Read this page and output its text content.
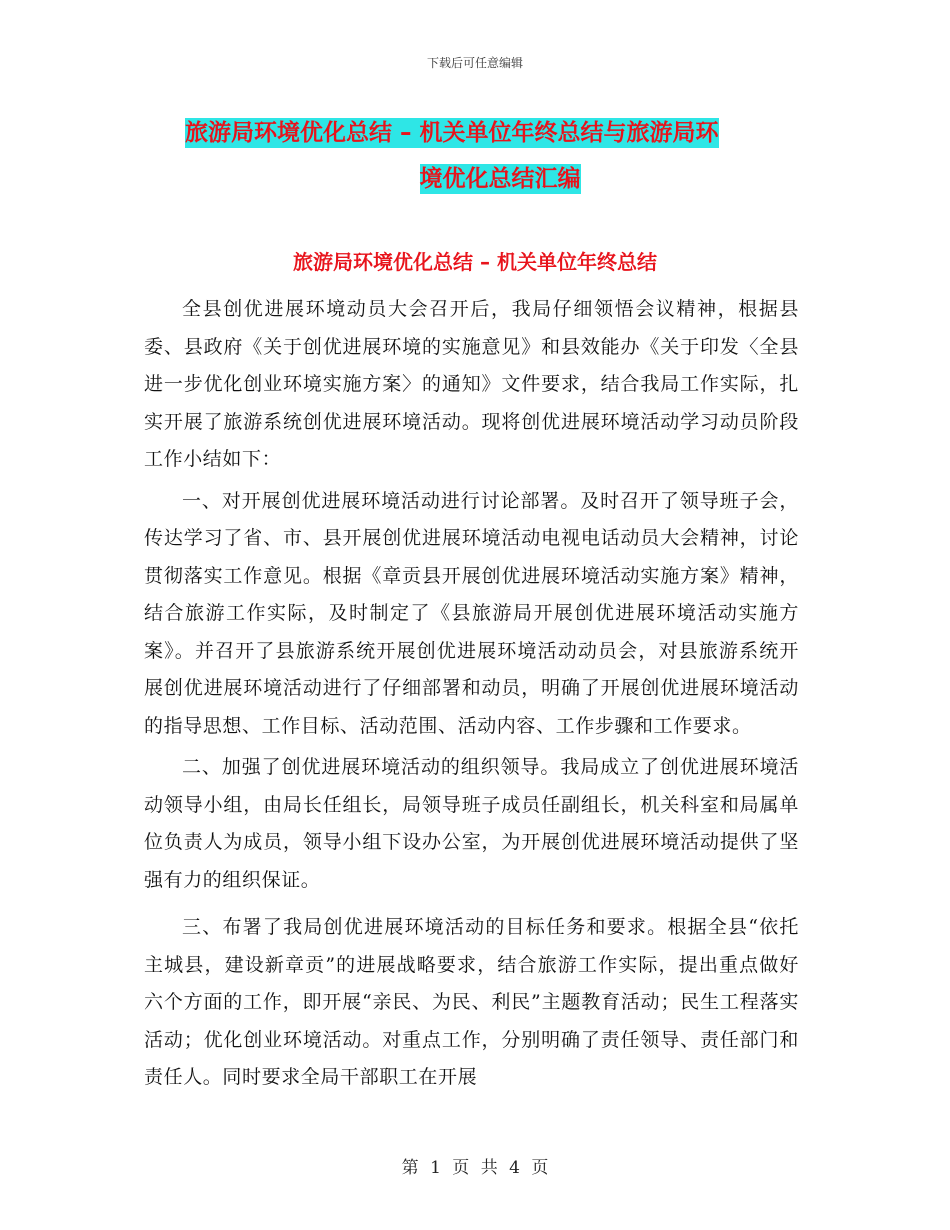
下载后可任意编辑
旅游局环境优化总结 – 机关单位年终总结与旅游局环
境优化总结汇编
旅游局环境优化总结 – 机关单位年终总结

全县创优进展环境动员大会召开后，我局仔细领悟会议精神，根据县委、县政府《关于创优进展环境的实施意见》和县效能办《关于印发〈全县进一步优化创业环境实施方案〉的通知》文件要求，结合我局工作实际，扎实开展了旅游系统创优进展环境活动。现将创优进展环境活动学习动员阶段工作小结如下：

一、对开展创优进展环境活动进行讨论部署。及时召开了领导班子会，传达学习了省、市、县开展创优进展环境活动电视电话动员大会精神，讨论贯彻落实工作意见。根据《章贡县开展创优进展环境活动实施方案》精神，结合旅游工作实际，及时制定了《县旅游局开展创优进展环境活动实施方案》。并召开了县旅游系统开展创优进展环境活动动员会，对县旅游系统开展创优进展环境活动进行了仔细部署和动员，明确了开展创优进展环境活动的指导思想、工作目标、活动范围、活动内容、工作步骤和工作要求。

二、加强了创优进展环境活动的组织领导。我局成立了创优进展环境活动领导小组，由局长任组长，局领导班子成员任副组长，机关科室和局属单位负责人为成员，领导小组下设办公室，为开展创优进展环境活动提供了坚强有力的组织保证。

三、布署了我局创优进展环境活动的目标任务和要求。根据全县“依托主城县，建设新章贡”的进展战略要求，结合旅游工作实际，提出重点做好六个方面的工作，即开展“亲民、为民、利民”主题教育活动；民生工程落实活动；优化创业环境活动。对重点工作，分别明确了责任领导、责任部门和责任人。同时要求全局干部职工在开展

第 1 页 共 4 页
